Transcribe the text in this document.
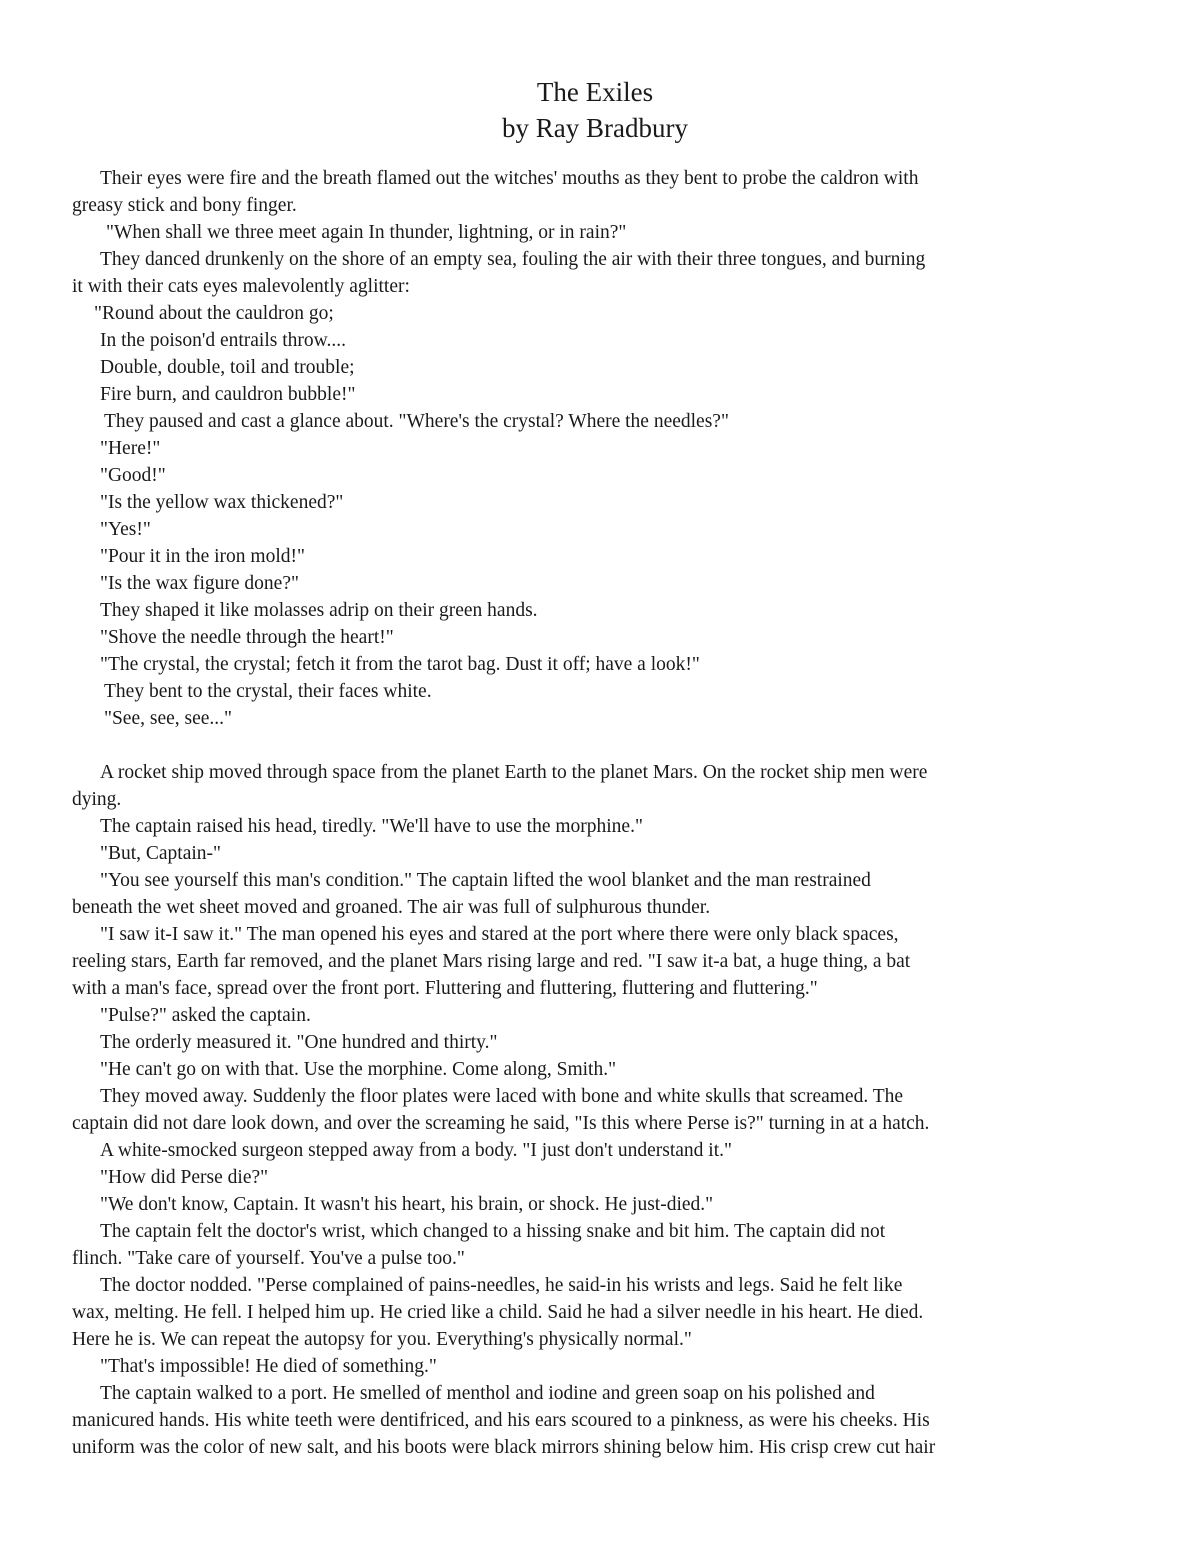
The Exiles
by Ray Bradbury
Their eyes were fire and the breath flamed out the witches' mouths as they bent to probe the caldron with
greasy stick and bony finger.
"When shall we three meet again In thunder, lightning, or in rain?"
They danced drunkenly on the shore of an empty sea, fouling the air with their three tongues, and burning
it with their cats eyes malevolently aglitter:
"Round about the cauldron go;
In the poison'd entrails throw....
Double, double, toil and trouble;
Fire burn, and cauldron bubble!"
They paused and cast a glance about. "Where's the crystal? Where the needles?"
"Here!"
"Good!"
"Is the yellow wax thickened?"
"Yes!"
"Pour it in the iron mold!"
"Is the wax figure done?"
They shaped it like molasses adrip on their green hands.
"Shove the needle through the heart!"
"The crystal, the crystal; fetch it from the tarot bag. Dust it off; have a look!"
They bent to the crystal, their faces white.
"See, see, see..."
A rocket ship moved through space from the planet Earth to the planet Mars. On the rocket ship men were
dying.
The captain raised his head, tiredly. "We'll have to use the morphine."
"But, Captain-"
"You see yourself this man's condition." The captain lifted the wool blanket and the man restrained
beneath the wet sheet moved and groaned. The air was full of sulphurous thunder.
"I saw it-I saw it." The man opened his eyes and stared at the port where there were only black spaces,
reeling stars, Earth far removed, and the planet Mars rising large and red. "I saw it-a bat, a huge thing, a bat
with a man's face, spread over the front port. Fluttering and fluttering, fluttering and fluttering."
"Pulse?" asked the captain.
The orderly measured it. "One hundred and thirty."
"He can't go on with that. Use the morphine. Come along, Smith."
They moved away. Suddenly the floor plates were laced with bone and white skulls that screamed. The
captain did not dare look down, and over the screaming he said, "Is this where Perse is?" turning in at a hatch.
A white-smocked surgeon stepped away from a body. "I just don't understand it."
"How did Perse die?"
"We don't know, Captain. It wasn't his heart, his brain, or shock. He just-died."
The captain felt the doctor's wrist, which changed to a hissing snake and bit him. The captain did not
flinch. "Take care of yourself. You've a pulse too."
The doctor nodded. "Perse complained of pains-needles, he said-in his wrists and legs. Said he felt like
wax, melting. He fell. I helped him up. He cried like a child. Said he had a silver needle in his heart. He died.
Here he is. We can repeat the autopsy for you. Everything's physically normal."
"That's impossible! He died of something."
The captain walked to a port. He smelled of menthol and iodine and green soap on his polished and
manicured hands. His white teeth were dentifriced, and his ears scoured to a pinkness, as were his cheeks. His
uniform was the color of new salt, and his boots were black mirrors shining below him. His crisp crew cut hair
